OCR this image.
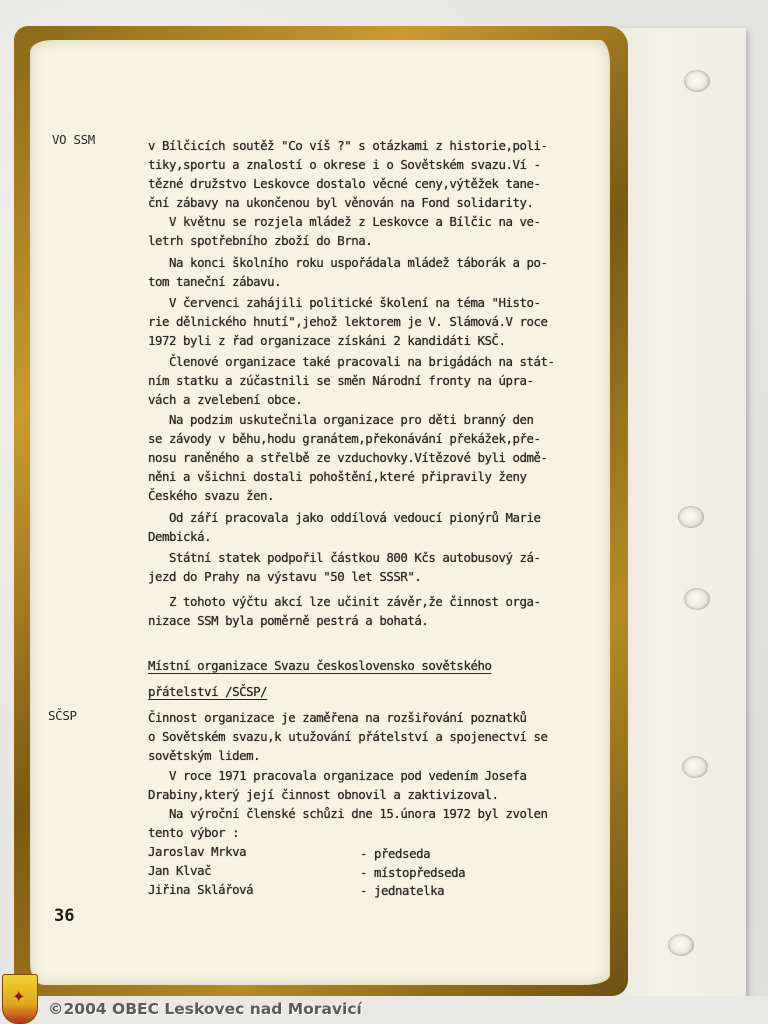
VO SSM	v Bílčicích soutěž "Co víš ?" s otázkami z historie,poli-

tiky,sportu a znalostí o okrese i o Sovětském svazu.Ví -

tězné družstvo Leskovce dostalo věcné ceny,výtěžek tane-

ční zábavy na ukončenou byl věnován na Fond solidarity.

V květnu se rozjela mládež z Leskovce a Bílčic na ve-

letrh spotřebního zboží do Brna.

Na konci školního roku uspořádala mládež táborák a po-

tom taneční zábavu.

V červenci zahájili politické školení na téma "Histo-

rie dělnického hnutí",jehož lektorem je V. Slámová.V roce

1972 byli z řad organizace získáni 2 kandidáti KSČ.

Členové organizace také pracovali na brigádách na stát-

ním statku a zúčastnili se směn Národní fronty na úpra-

vách a zvelebení obce.

Na podzim uskutečnila organizace pro děti branný den

se závody v běhu,hodu granátem,překonávání překážek,pře-

nosu raněného a střelbě ze vzduchovky.Vítězové byli odmě-

něni a všichni dostali pohoštění,které připravily ženy

Českého svazu žen.

Od září pracovala jako oddílová vedoucí pionýrů Marie

Dembická.

Státní statek podpořil částkou 800 Kčs autobusový zá-

jezd do Prahy na výstavu "50 let SSSR".

Z tohoto výčtu akcí lze učinit závěr,že činnost orga-

nizace SSM byla poměrně pestrá a bohatá.

Místní organizace Svazu československo sovětského

přátelství /SČSP/

SČSP	Činnost organizace je zaměřena na rozšiřování poznatků

o Sovětském svazu,k utužování přátelství a spojenectví se

sovětským lidem.

V roce 1971 pracovala organizace pod vedením Josefa

Drabiny,který její činnost obnovil a zaktivizoval.

Na výroční členské schůzi dne 15.února 1972 byl zvolen

tento výbor :

Jaroslav Mrkva	- předseda

Jan Klvač	- místopředseda

Jiřina Sklářová	- jednatelka

36

✦

©2004 OBEC Leskovec nad Moravicí
